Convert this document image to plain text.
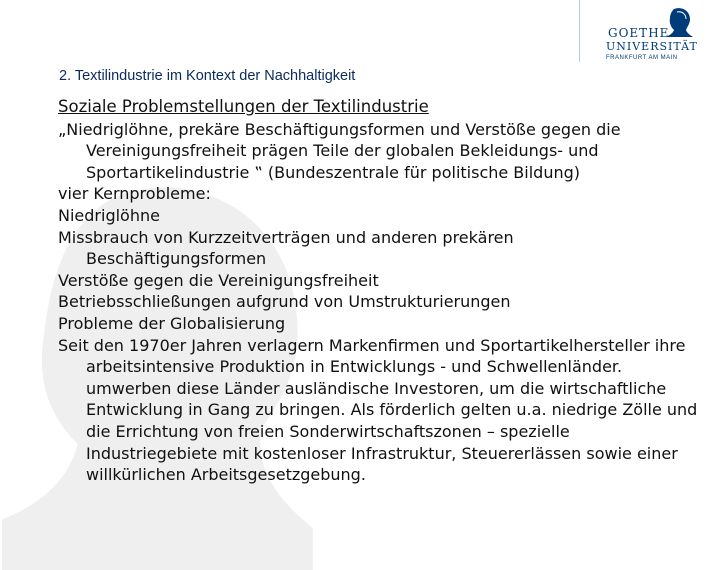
GOETHE
UNIVERSITÄT
FRANKFURT AM MAIN
2. Textilindustrie im Kontext der Nachhaltigkeit

Soziale Problemstellungen der Textilindustrie

„Niedriglöhne, prekäre Beschäftigungsformen und Verstöße gegen die Vereinigungsfreiheit prägen Teile der globalen Bekleidungs- und Sportartikelindustrie ‟ (Bundeszentrale für politische Bildung)

vier Kernprobleme:

Niedriglöhne

Missbrauch von Kurzzeitverträgen und anderen prekären Beschäftigungsformen

Verstöße gegen die Vereinigungsfreiheit

Betriebsschließungen aufgrund von Umstrukturierungen

Probleme der Globalisierung

Seit den 1970er Jahren verlagern Markenfirmen und Sportartikelhersteller ihre arbeitsintensive Produktion in Entwicklungs - und Schwellenländer. umwerben diese Länder ausländische Investoren, um die wirtschaftliche Entwicklung in Gang zu bringen. Als förderlich gelten u.a. niedrige Zölle und die Errichtung von freien Sonderwirtschaftszonen – spezielle Industriegebiete mit kostenloser Infrastruktur, Steuererlässen sowie einer willkürlichen Arbeitsgesetzgebung.
